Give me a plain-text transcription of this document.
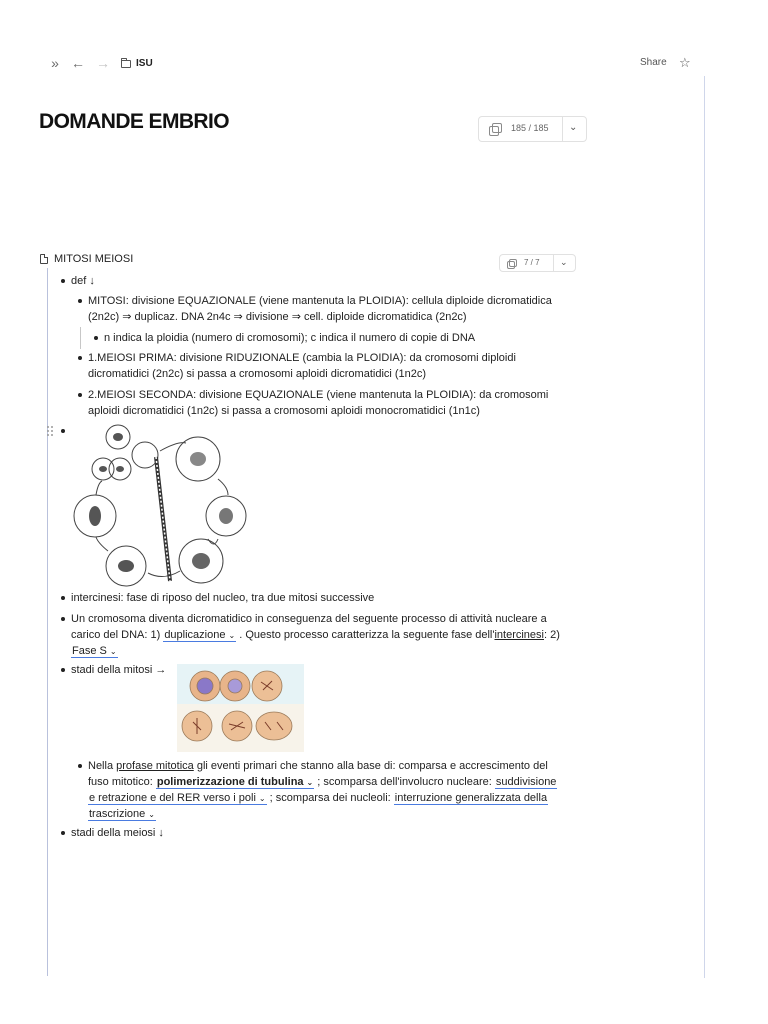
» ← →	ISU	Share ☆
DOMANDE EMBRIO	185 / 185 ⌄
MITOSI MEIOSI	7 / 7 ⌄
def ↓
MITOSI: divisione EQUAZIONALE (viene mantenuta la PLOIDIA): cellula diploide dicromatidica
(2n2c) ⇒ duplicaz. DNA 2n4c ⇒ divisione ⇒ cell. diploide dicromatidica (2n2c)
n indica la ploidia (numero di cromosomi); c indica il numero di copie di DNA
1.MEIOSI PRIMA: divisione RIDUZIONALE (cambia la PLOIDIA): da cromosomi diploidi
dicromatidici (2n2c) si passa a cromosomi aploidi dicromatidici (1n2c)
2.MEIOSI SECONDA: divisione EQUAZIONALE (viene mantenuta la PLOIDIA): da cromosomi
aploidi dicromatidici (1n2c) si passa a cromosomi aploidi monocromatidici (1n1c)
intercinesi: fase di riposo del nucleo, tra due mitosi successive
Un cromosoma diventa dicromatidico in conseguenza del seguente processo di attività nucleare a
carico del DNA: 1) duplicazione ⌄ . Questo processo caratterizza la seguente fase dell'intercinesi: 2)
Fase S ⌄
stadi della mitosi →
Nella profase mitotica gli eventi primari che stanno alla base di: comparsa e accrescimento del
fuso mitotico: polimerizzazione di tubulina ⌄ ; scomparsa dell'involucro nucleare: suddivisione
e retrazione e del RER verso i poli ⌄ ; scomparsa dei nucleoli: interruzione generalizzata della
trascrizione ⌄
stadi della meiosi ↓
